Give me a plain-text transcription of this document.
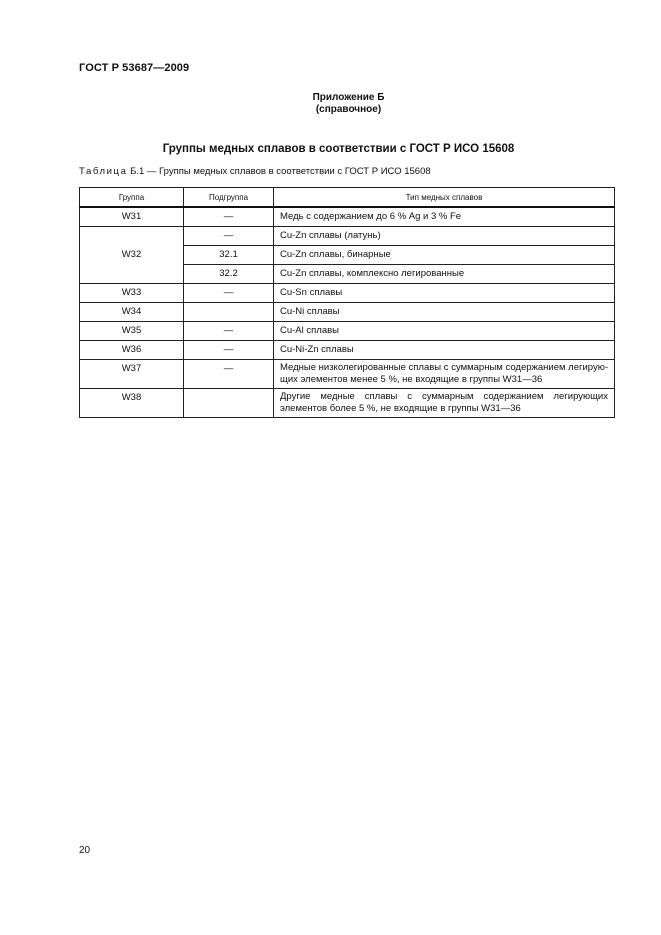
ГОСТ Р 53687—2009
Приложение Б
(справочное)
Группы медных сплавов в соответствии с ГОСТ Р ИСО 15608
Таблица Б.1 — Группы медных сплавов в соответствии с ГОСТ Р ИСО 15608
Группа	Подгруппа	Тип медных сплавов
W31	—	Медь с содержанием до 6 % Ag и 3 % Fe
W32	—	Cu-Zn сплавы (латунь)
	32.1	Cu-Zn сплавы, бинарные
	32.2	Cu-Zn сплавы, комплексно легированные
W33	—	Cu-Sn сплавы
W34		Cu-Ni сплавы
W35	—	Cu-Al сплавы
W36	—	Cu-Ni-Zn сплавы
W37	—	Медные низколегированные сплавы с суммарным содержанием легирую-щих элементов менее 5 %, не входящие в группы W31—36
W38		Другие медные сплавы с суммарным содержанием легирующих элементов более 5 %, не входящие в группы W31—36
20
